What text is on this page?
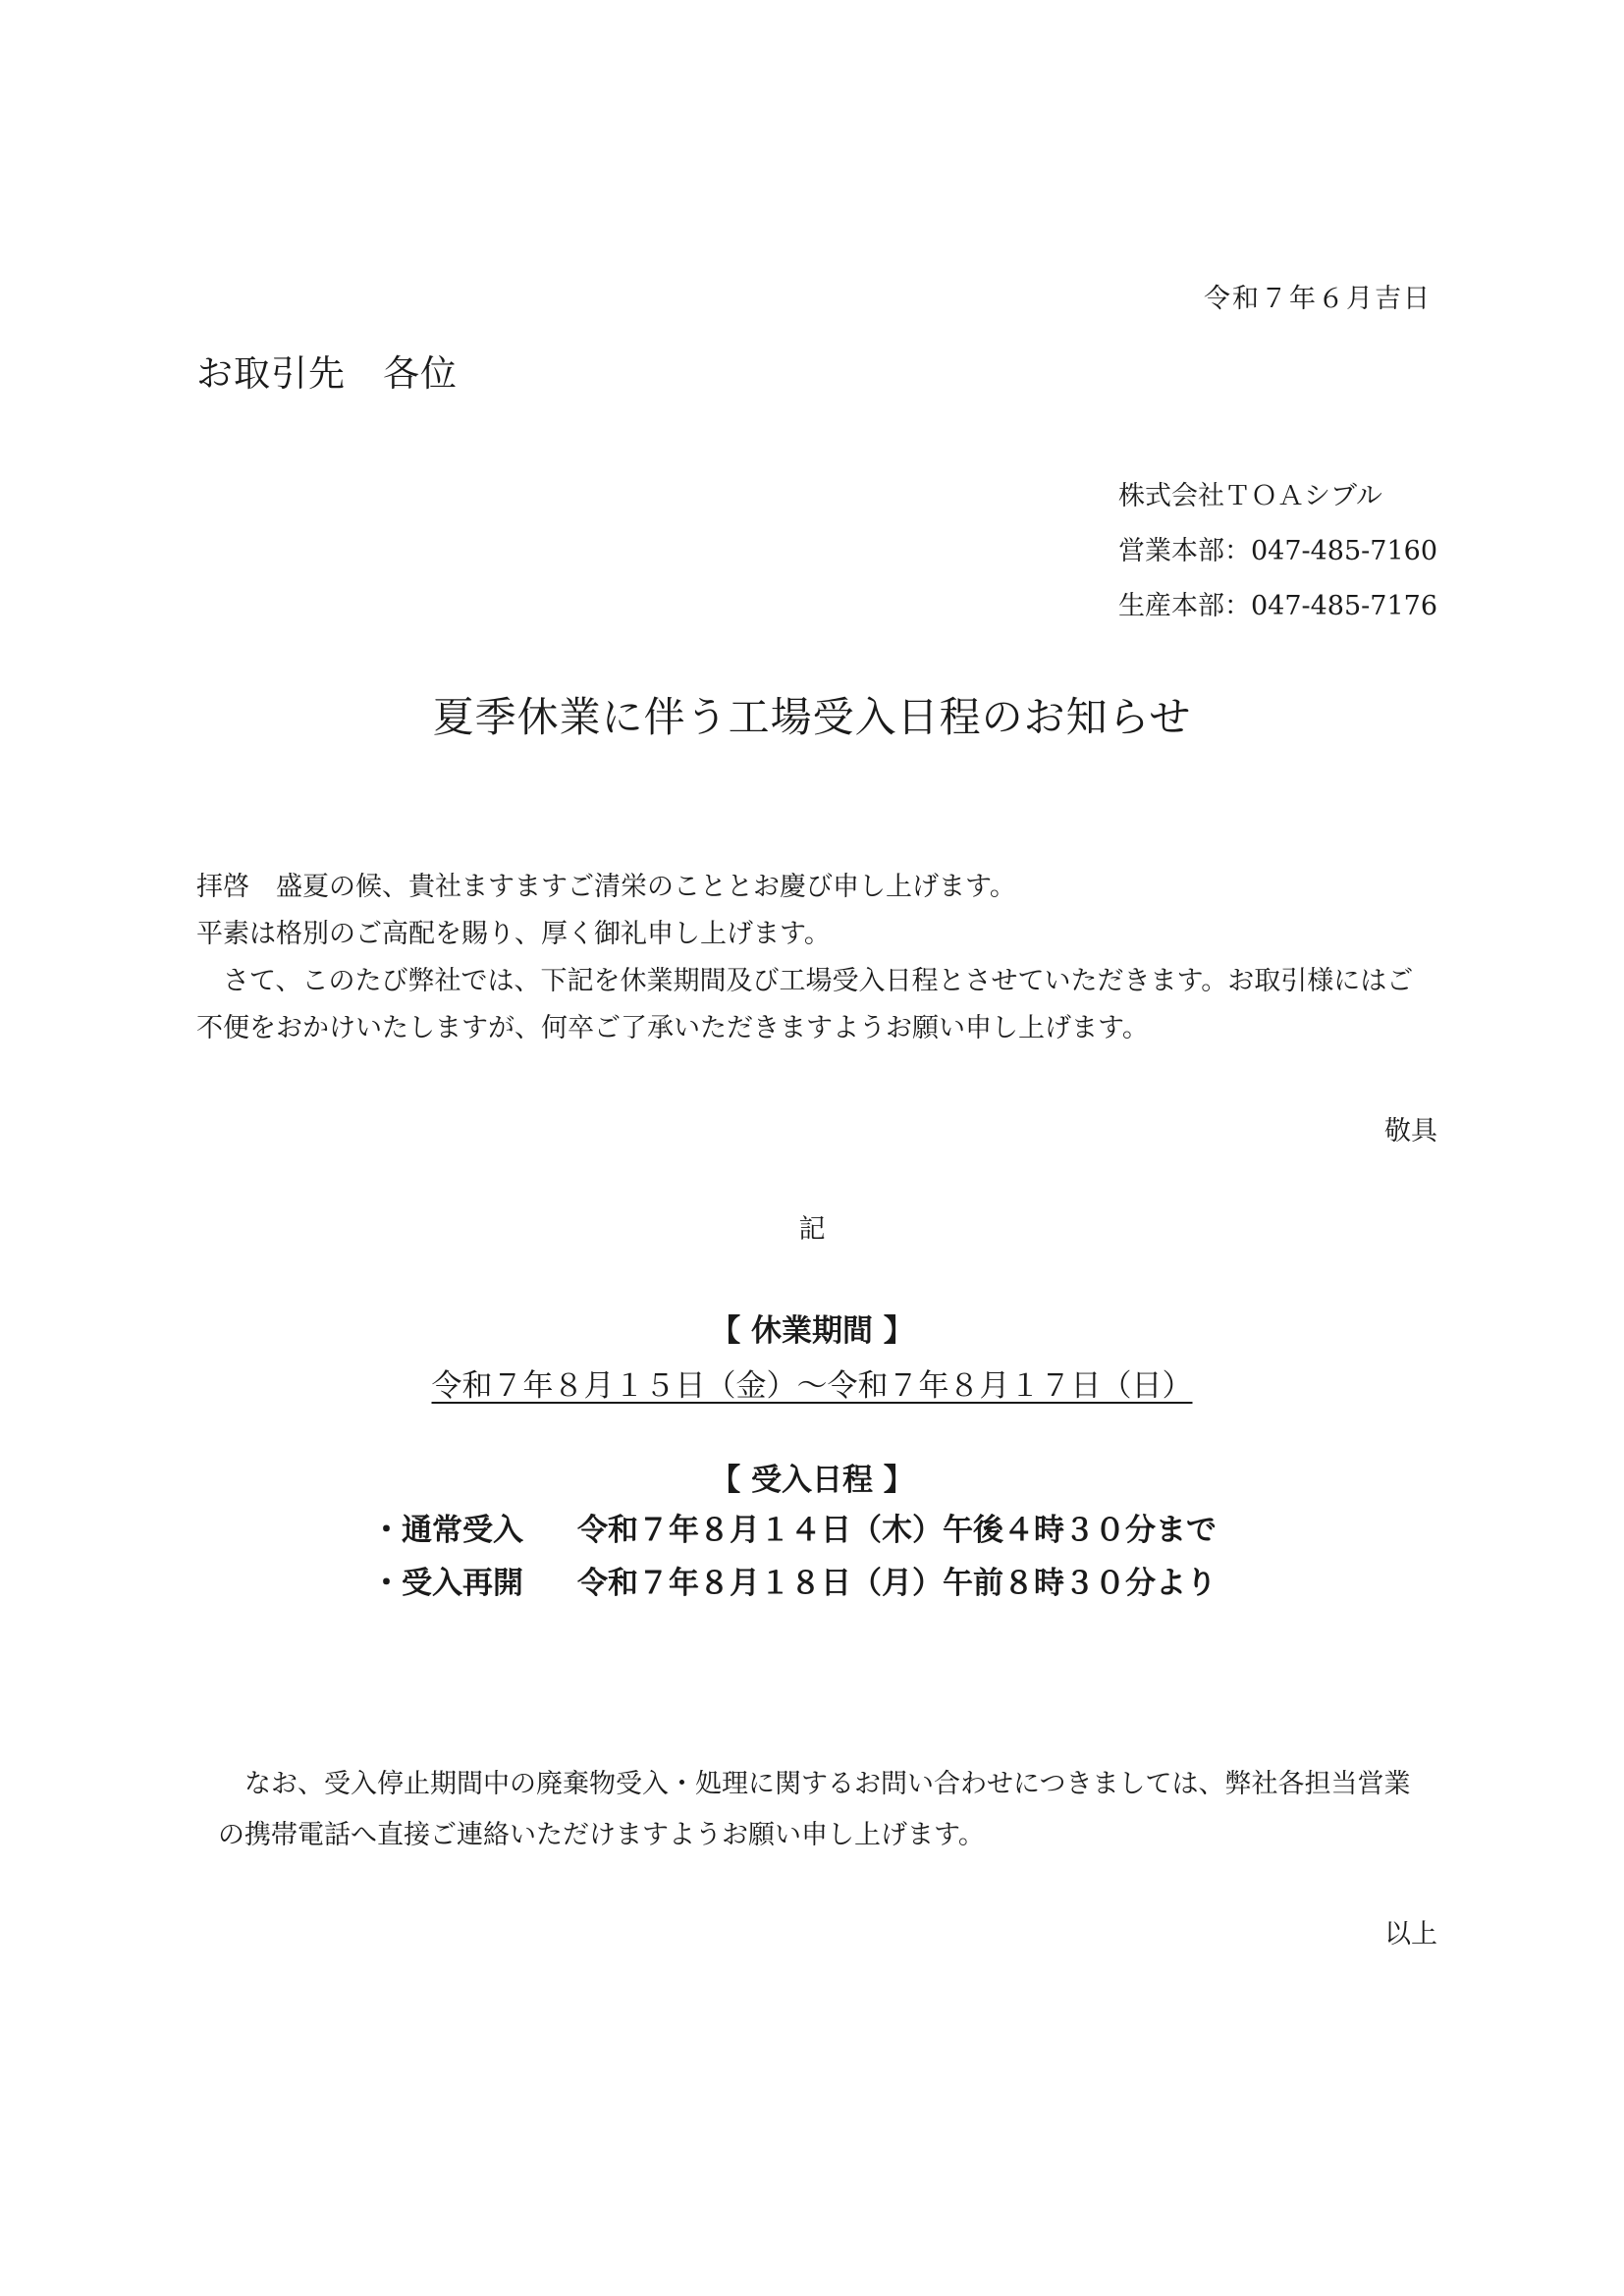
令和７年６月吉日
お取引先　各位
株式会社ＴＯＡシブル
営業本部：047-485-7160
生産本部：047-485-7176
夏季休業に伴う工場受入日程のお知らせ

拝啓　盛夏の候、貴社ますますご清栄のこととお慶び申し上げます。

平素は格別のご高配を賜り、厚く御礼申し上げます。

さて、このたび弊社では、下記を休業期間及び工場受入日程とさせていただきます。お取引様にはご不便をおかけいたしますが、何卒ご了承いただきますようお願い申し上げます。

敬具
記
【 休業期間 】
令和７年８月１５日（金）～令和７年８月１７日（日）
【 受入日程 】
・通常受入	令和７年８月１４日（木）午後４時３０分まで
・受入再開	令和７年８月１８日（月）午前８時３０分より

なお、受入停止期間中の廃棄物受入・処理に関するお問い合わせにつきましては、弊社各担当営業の携帯電話へ直接ご連絡いただけますようお願い申し上げます。

以上
